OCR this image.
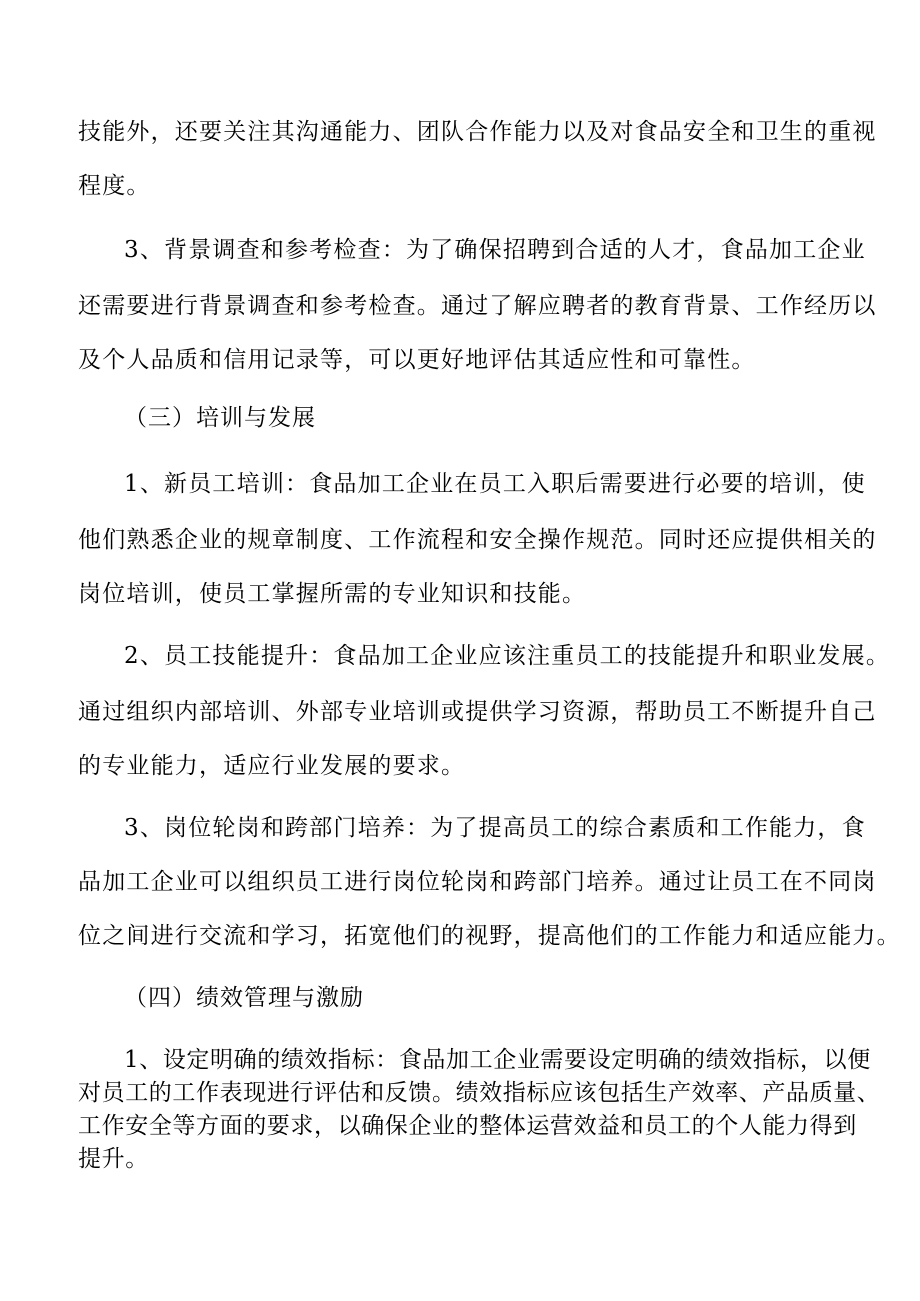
技能外，还要关注其沟通能力、团队合作能力以及对食品安全和卫生的重视
程度。
3、背景调查和参考检查：为了确保招聘到合适的人才，食品加工企业
还需要进行背景调查和参考检查。通过了解应聘者的教育背景、工作经历以
及个人品质和信用记录等，可以更好地评估其适应性和可靠性。
（三）培训与发展
1、新员工培训：食品加工企业在员工入职后需要进行必要的培训，使
他们熟悉企业的规章制度、工作流程和安全操作规范。同时还应提供相关的
岗位培训，使员工掌握所需的专业知识和技能。
2、员工技能提升：食品加工企业应该注重员工的技能提升和职业发展。
通过组织内部培训、外部专业培训或提供学习资源，帮助员工不断提升自己
的专业能力，适应行业发展的要求。
3、岗位轮岗和跨部门培养：为了提高员工的综合素质和工作能力，食
品加工企业可以组织员工进行岗位轮岗和跨部门培养。通过让员工在不同岗
位之间进行交流和学习，拓宽他们的视野，提高他们的工作能力和适应能力。
（四）绩效管理与激励
1、设定明确的绩效指标：食品加工企业需要设定明确的绩效指标，以便
对员工的工作表现进行评估和反馈。绩效指标应该包括生产效率、产品质量、
工作安全等方面的要求，以确保企业的整体运营效益和员工的个人能力得到
提升。
